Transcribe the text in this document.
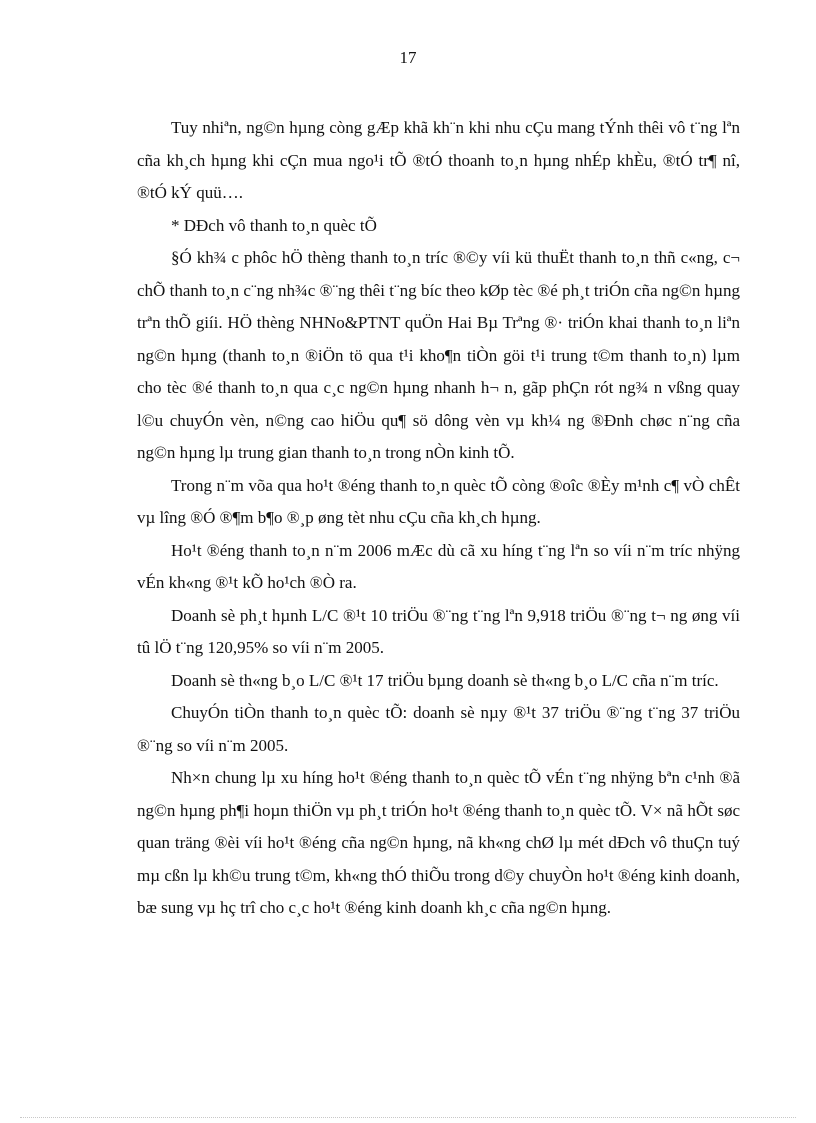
17

Tuy nhiªn, ng©n hµng còng gÆp khã kh¨n khi nhu cÇu mang tÝnh thêi vô t¨ng lªn cña kh¸ch hµng khi cÇn mua ngo¹i tÕ ®tÓ thoanh to¸n hµng nhÉp khÈu, ®tÓ tr¶ nî, ®tÓ kÝ quü….

* DÐch vô thanh to¸n quèc tÕ

§Ó kh¾ c phôc hÖ thèng thanh to¸n tríc ®©y víi kü thuËt thanh to¸n thñ c«ng, c¬ chÕ thanh to¸n c¨ng nh¾c ®¨ng thêi t¨ng bíc theo kØp tèc ®é ph¸t triÓn cña ng©n hµng trªn thÕ giíi. HÖ thèng NHNo&PTNT quÖn Hai Bµ Trªng ®· triÓn khai thanh to¸n liªn ng©n hµng (thanh to¸n ®iÖn tö qua t¹i kho¶n tiÒn göi t¹i trung t©m thanh to¸n) lµm cho tèc ®é thanh to¸n qua c¸c ng©n hµng nhanh h¬ n, gãp phÇn rót ng¾ n vßng quay l©u chuyÓn vèn, n©ng cao hiÖu qu¶ sö dông vèn vµ kh¼ ng ®Ðnh chøc n¨ng cña ng©n hµng lµ trung gian thanh to¸n trong nÒn kinh tÕ.

Trong n¨m võa qua ho¹t ®éng thanh to¸n quèc tÕ còng ®oîc ®Èy m¹nh c¶ vÒ chÊt vµ lîng ®Ó ®¶m b¶o ®¸p øng tèt nhu cÇu cña kh¸ch hµng.

Ho¹t ®éng thanh to¸n n¨m 2006 mÆc dù cã xu híng t¨ng lªn so víi n¨m tríc nhÿng vÉn kh«ng ®¹t kÕ ho¹ch ®Ò ra.

Doanh sè ph¸t hµnh L/C ®¹t 10 triÖu ®¨ng t¨ng lªn 9,918 triÖu ®¨ng t¬ ng øng víi tû lÖ t¨ng 120,95% so víi n¨m 2005.

Doanh sè th«ng b¸o L/C ®¹t 17 triÖu bµng doanh sè th«ng b¸o L/C cña n¨m tríc.

ChuyÓn tiÒn thanh to¸n quèc tÕ: doanh sè nµy ®¹t 37 triÖu ®¨ng t¨ng 37 triÖu ®¨ng so víi n¨m 2005.

Nh×n chung lµ xu híng ho¹t ®éng thanh to¸n quèc tÕ vÉn t¨ng nhÿng bªn c¹nh ®ã ng©n hµng ph¶i hoµn thiÖn vµ ph¸t triÓn ho¹t ®éng thanh to¸n quèc tÕ. V× nã hÕt søc quan träng ®èi víi ho¹t ®éng cña ng©n hµng, nã kh«ng chØ lµ mét dÐch vô thuÇn tuý mµ cßn lµ kh©u trung t©m, kh«ng thÓ thiÕu trong d©y chuyÒn ho¹t ®éng kinh doanh, bæ sung vµ hç trî cho c¸c ho¹t ®éng kinh doanh kh¸c cña ng©n hµng.
